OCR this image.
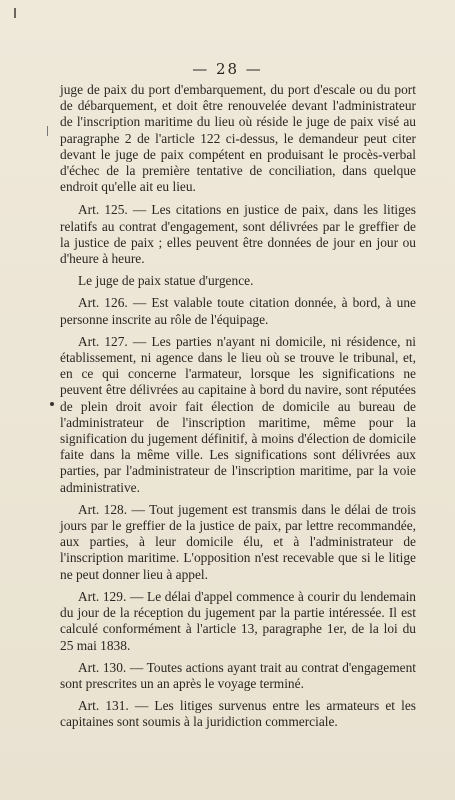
— 28 —

juge de paix du port d'embarquement, du port d'escale ou du port de débarquement, et doit être renouvelée devant l'administrateur de l'inscription maritime du lieu où réside le juge de paix visé au paragraphe 2 de l'article 122 ci-dessus, le demandeur peut citer devant le juge de paix compétent en produisant le procès-verbal d'échec de la première tentative de conciliation, dans quelque endroit qu'elle ait eu lieu.

Art. 125. — Les citations en justice de paix, dans les litiges relatifs au contrat d'engagement, sont délivrées par le greffier de la justice de paix ; elles peuvent être données de jour en jour ou d'heure à heure.

Le juge de paix statue d'urgence.

Art. 126. — Est valable toute citation donnée, à bord, à une personne inscrite au rôle de l'équipage.

Art. 127. — Les parties n'ayant ni domicile, ni résidence, ni établissement, ni agence dans le lieu où se trouve le tribunal, et, en ce qui concerne l'armateur, lorsque les significations ne peuvent être délivrées au capitaine à bord du navire, sont réputées de plein droit avoir fait élection de domicile au bureau de l'administrateur de l'inscription maritime, même pour la signification du jugement définitif, à moins d'élection de domicile faite dans la même ville. Les significations sont délivrées aux parties, par l'administrateur de l'inscription maritime, par la voie administrative.

Art. 128. — Tout jugement est transmis dans le délai de trois jours par le greffier de la justice de paix, par lettre recommandée, aux parties, à leur domicile élu, et à l'administrateur de l'inscription maritime. L'opposition n'est recevable que si le litige ne peut donner lieu à appel.

Art. 129. — Le délai d'appel commence à courir du lendemain du jour de la réception du jugement par la partie intéressée. Il est calculé conformément à l'article 13, paragraphe 1er, de la loi du 25 mai 1838.

Art. 130. — Toutes actions ayant trait au contrat d'engagement sont prescrites un an après le voyage terminé.

Art. 131. — Les litiges survenus entre les armateurs et les capitaines sont soumis à la juridiction commerciale.
